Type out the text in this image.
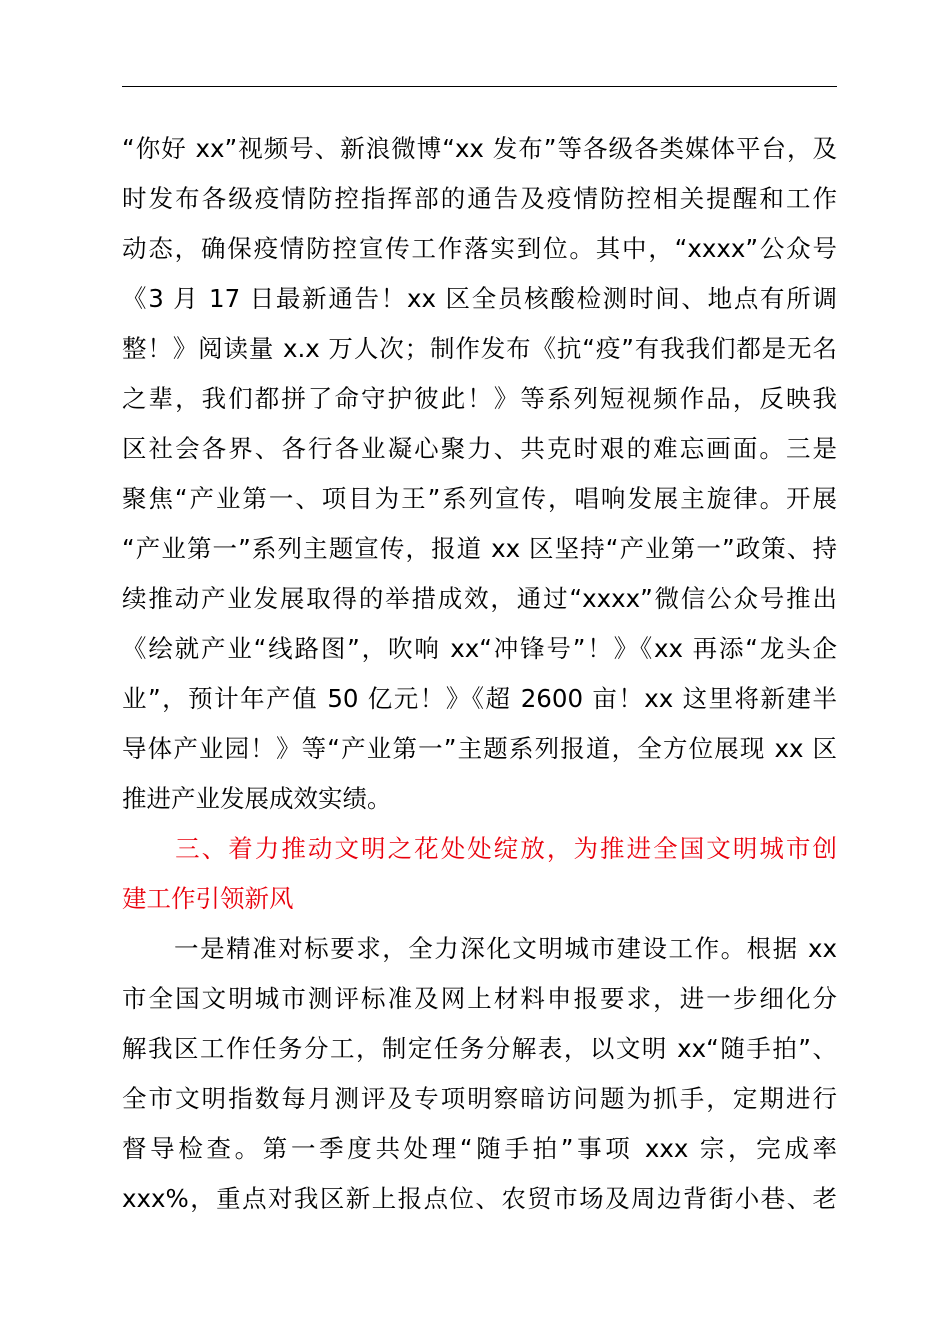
“你好 xx”视频号、新浪微博“xx 发布”等各级各类媒体平台，及
时发布各级疫情防控指挥部的通告及疫情防控相关提醒和工作
动态，确保疫情防控宣传工作落实到位。其中，“xxxx”公众号
《3 月 17 日最新通告！xx 区全员核酸检测时间、地点有所调
整！》阅读量 x.x 万人次；制作发布《抗“疫”有我我们都是无名
之辈，我们都拼了命守护彼此！》等系列短视频作品，反映我
区社会各界、各行各业凝心聚力、共克时艰的难忘画面。三是
聚焦“产业第一、项目为王”系列宣传，唱响发展主旋律。开展
“产业第一”系列主题宣传，报道 xx 区坚持“产业第一”政策、持
续推动产业发展取得的举措成效，通过“xxxx”微信公众号推出
《绘就产业“线路图”，吹响 xx“冲锋号”！》《xx 再添“龙头企
业”，预计年产值 50 亿元！》《超 2600 亩！xx 这里将新建半
导体产业园！》等“产业第一”主题系列报道，全方位展现 xx 区
推进产业发展成效实绩。
　　三、着力推动文明之花处处绽放，为推进全国文明城市创
建工作引领新风
　　一是精准对标要求，全力深化文明城市建设工作。根据 xx
市全国文明城市测评标准及网上材料申报要求，进一步细化分
解我区工作任务分工，制定任务分解表，以文明 xx“随手拍”、
全市文明指数每月测评及专项明察暗访问题为抓手，定期进行
督导检查。第一季度共处理“随手拍”事项 xxx 宗，完成率
xxx%，重点对我区新上报点位、农贸市场及周边背街小巷、老
